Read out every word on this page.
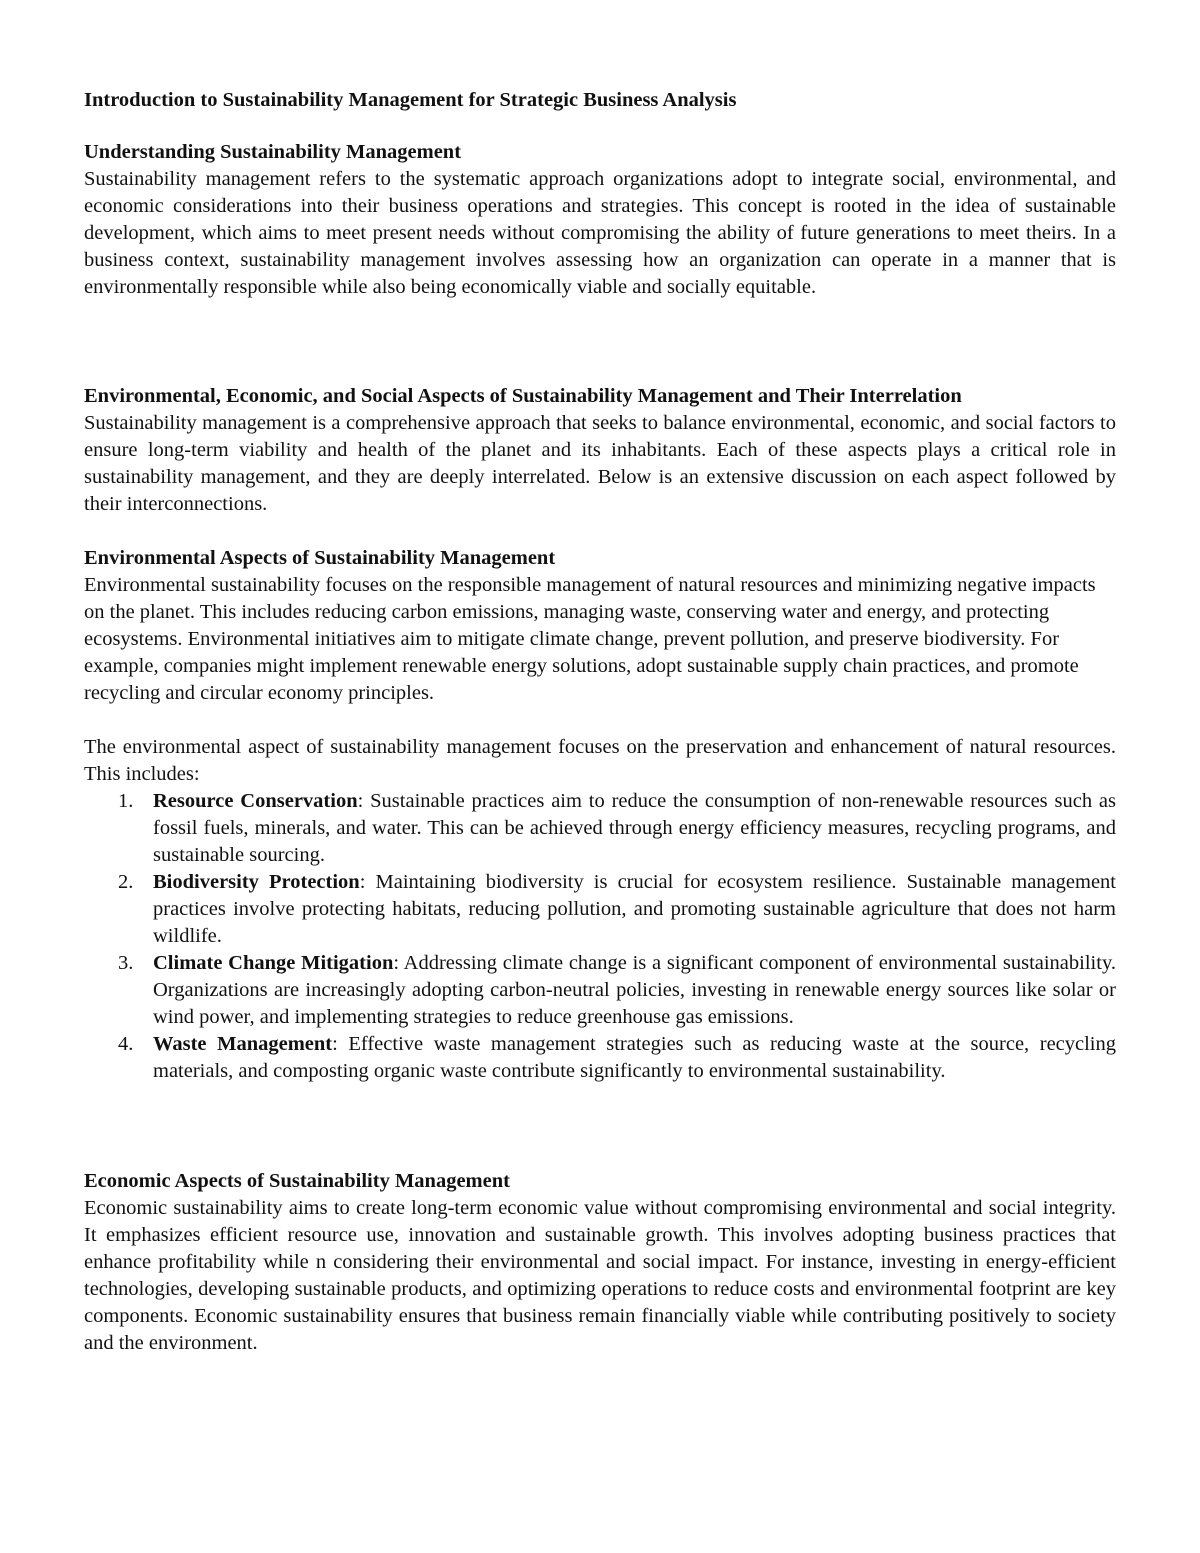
Introduction to Sustainability Management for Strategic Business Analysis
Understanding Sustainability Management

Sustainability management refers to the systematic approach organizations adopt to integrate social, environmental, and economic considerations into their business operations and strategies. This concept is rooted in the idea of sustainable development, which aims to meet present needs without compromising the ability of future generations to meet theirs. In a business context, sustainability management involves assessing how an organization can operate in a manner that is environmentally responsible while also being economically viable and socially equitable.

Environmental, Economic, and Social Aspects of Sustainability Management and Their Interrelation

Sustainability management is a comprehensive approach that seeks to balance environmental, economic, and social factors to ensure long-term viability and health of the planet and its inhabitants. Each of these aspects plays a critical role in sustainability management, and they are deeply interrelated. Below is an extensive discussion on each aspect followed by their interconnections.

Environmental Aspects of Sustainability Management

Environmental sustainability focuses on the responsible management of natural resources and minimizing negative impacts on the planet. This includes reducing carbon emissions, managing waste, conserving water and energy, and protecting ecosystems. Environmental initiatives aim to mitigate climate change, prevent pollution, and preserve biodiversity. For example, companies might implement renewable energy solutions, adopt sustainable supply chain practices, and promote recycling and circular economy principles.

The environmental aspect of sustainability management focuses on the preservation and enhancement of natural resources. This includes:

1. Resource Conservation: Sustainable practices aim to reduce the consumption of non-renewable resources such as fossil fuels, minerals, and water. This can be achieved through energy efficiency measures, recycling programs, and sustainable sourcing.
2. Biodiversity Protection: Maintaining biodiversity is crucial for ecosystem resilience. Sustainable management practices involve protecting habitats, reducing pollution, and promoting sustainable agriculture that does not harm wildlife.
3. Climate Change Mitigation: Addressing climate change is a significant component of environmental sustainability. Organizations are increasingly adopting carbon-neutral policies, investing in renewable energy sources like solar or wind power, and implementing strategies to reduce greenhouse gas emissions.
4. Waste Management: Effective waste management strategies such as reducing waste at the source, recycling materials, and composting organic waste contribute significantly to environmental sustainability.
Economic Aspects of Sustainability Management

Economic sustainability aims to create long-term economic value without compromising environmental and social integrity. It emphasizes efficient resource use, innovation and sustainable growth. This involves adopting business practices that enhance profitability while n considering their environmental and social impact. For instance, investing in energy-efficient technologies, developing sustainable products, and optimizing operations to reduce costs and environmental footprint are key components. Economic sustainability ensures that business remain financially viable while contributing positively to society and the environment.
